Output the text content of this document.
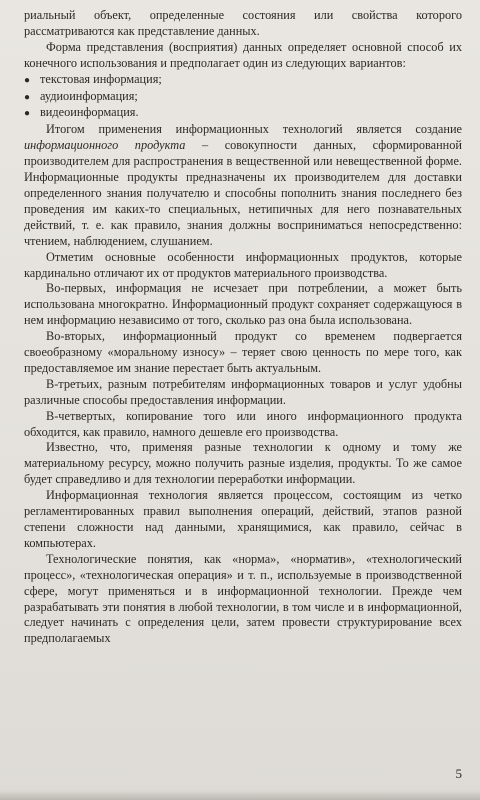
риальный объект, определенные состояния или свойства которого рассматриваются как представление данных.

Форма представления (восприятия) данных определяет основной способ их конечного использования и предполагает один из следующих вариантов:

● текстовая информация;
● аудиоинформация;
● видеоинформация.

Итогом применения информационных технологий является создание информационного продукта – совокупности данных, сформированной производителем для распространения в вещественной или невещественной форме. Информационные продукты предназначены их производителем для доставки определенного знания получателю и способны пополнить знания последнего без проведения им каких-то специальных, нетипичных для него познавательных действий, т. е. как правило, знания должны восприниматься непосредственно: чтением, наблюдением, слушанием.

Отметим основные особенности информационных продуктов, которые кардинально отличают их от продуктов материального производства.

Во-первых, информация не исчезает при потреблении, а может быть использована многократно. Информационный продукт сохраняет содержащуюся в нем информацию независимо от того, сколько раз она была использована.

Во-вторых, информационный продукт со временем подвергается своеобразному «моральному износу» – теряет свою ценность по мере того, как предоставляемое им знание перестает быть актуальным.

В-третьих, разным потребителям информационных товаров и услуг удобны различные способы предоставления информации.

В-четвертых, копирование того или иного информационного продукта обходится, как правило, намного дешевле его производства.

Известно, что, применяя разные технологии к одному и тому же материальному ресурсу, можно получить разные изделия, продукты. То же самое будет справедливо и для технологии переработки информации.

Информационная технология является процессом, состоящим из четко регламентированных правил выполнения операций, действий, этапов разной степени сложности над данными, хранящимися, как правило, сейчас в компьютерах.

Технологические понятия, как «норма», «норматив», «технологический процесс», «технологическая операция» и т. п., используемые в производственной сфере, могут применяться и в информационной технологии. Прежде чем разрабатывать эти понятия в любой технологии, в том числе и в информационной, следует начинать с определения цели, затем провести структурирование всех предполагаемых

5
